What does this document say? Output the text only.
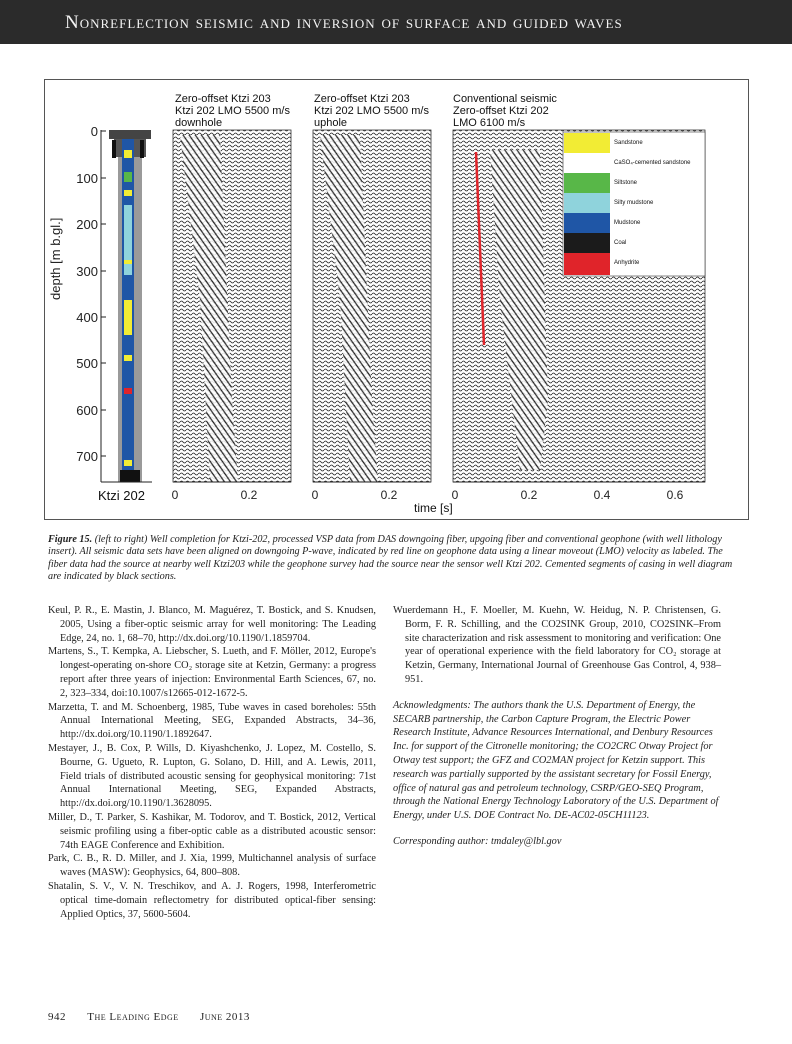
Nonreflection seismic and inversion of surface and guided waves
Zero-offset Ktzi 203
Ktzi 202 LMO 5500 m/s
downhole
Zero-offset Ktzi 203
Ktzi 202 LMO 5500 m/s
uphole
Conventional seismic
Zero-offset Ktzi 202
LMO 6100 m/s
depth [m b.gl.]
0
100
200
300
400
500
600
700
Sandstone
CaSO₄-cemented sandstone
Siltstone
Silty mudstone
Mudstone
Coal
Anhydrite
Ktzi 202 0	0.2	0	0.2	0	0.2	0.4	0.6
time [s]
Figure 15. (left to right) Well completion for Ktzi-202, processed VSP data from DAS downgoing fiber, upgoing fiber and conventional geophone (with well lithology insert). All seismic data sets have been aligned on downgoing P-wave, indicated by red line on geophone data using a linear moveout (LMO) velocity as labeled. The fiber data had the source at nearby well Ktzi203 while the geophone survey had the source near the sensor well Ktzi 202. Cemented segments of casing in well diagram are indicated by black sections.
Keul, P. R., E. Mastin, J. Blanco, M. Maguérez, T. Bostick, and S. Knudsen, 2005, Using a fiber-optic seismic array for well monitoring: The Leading Edge, 24, no. 1, 68–70, http://dx.doi.org/10.1190/1.1859704.
Martens, S., T. Kempka, A. Liebscher, S. Lueth, and F. Möller, 2012, Europe's longest-operating on-shore CO₂ storage site at Ketzin, Germany: a progress report after three years of injection: Environmental Earth Sciences, 67, no. 2, 323–334, doi:10.1007/s12665-012-1672-5.
Marzetta, T. and M. Schoenberg, 1985, Tube waves in cased boreholes: 55th Annual International Meeting, SEG, Expanded Abstracts, 34–36, http://dx.doi.org/10.1190/1.1892647.
Mestayer, J., B. Cox, P. Wills, D. Kiyashchenko, J. Lopez, M. Costello, S. Bourne, G. Ugueto, R. Lupton, G. Solano, D. Hill, and A. Lewis, 2011, Field trials of distributed acoustic sensing for geophysical monitoring: 71st Annual International Meeting, SEG, Expanded Abstracts, http://dx.doi.org/10.1190/1.3628095.
Miller, D., T. Parker, S. Kashikar, M. Todorov, and T. Bostick, 2012, Vertical seismic profiling using a fiber-optic cable as a distributed acoustic sensor: 74th EAGE Conference and Exhibition.
Park, C. B., R. D. Miller, and J. Xia, 1999, Multichannel analysis of surface waves (MASW): Geophysics, 64, 800–808.
Shatalin, S. V., V. N. Treschikov, and A. J. Rogers, 1998, Interferometric optical time-domain reflectometry for distributed optical-fiber sensing: Applied Optics, 37, 5600-5604.
Wuerdemann H., F. Moeller, M. Kuehn, W. Heidug, N. P. Christensen, G. Borm, F. R. Schilling, and the CO2SINK Group, 2010, CO2SINK–From site characterization and risk assessment to monitoring and verification: One year of operational experience with the field laboratory for CO₂ storage at Ketzin, Germany, International Journal of Greenhouse Gas Control, 4, 938–951.
Acknowledgments: The authors thank the U.S. Department of Energy, the SECARB partnership, the Carbon Capture Program, the Electric Power Research Institute, Advance Resources International, and Denbury Resources Inc. for support of the Citronelle monitoring; the CO2CRC Otway Project for Otway test support; the GFZ and CO2MAN project for Ketzin support. This research was partially supported by the assistant secretary for Fossil Energy, office of natural gas and petroleum technology, CSRP/GEO-SEQ Program, through the National Energy Technology Laboratory of the U.S. Department of Energy, under U.S. DOE Contract No. DE-AC02-05CH11123.
Corresponding author: tmdaley@lbl.gov
942 The Leading Edge June 2013
